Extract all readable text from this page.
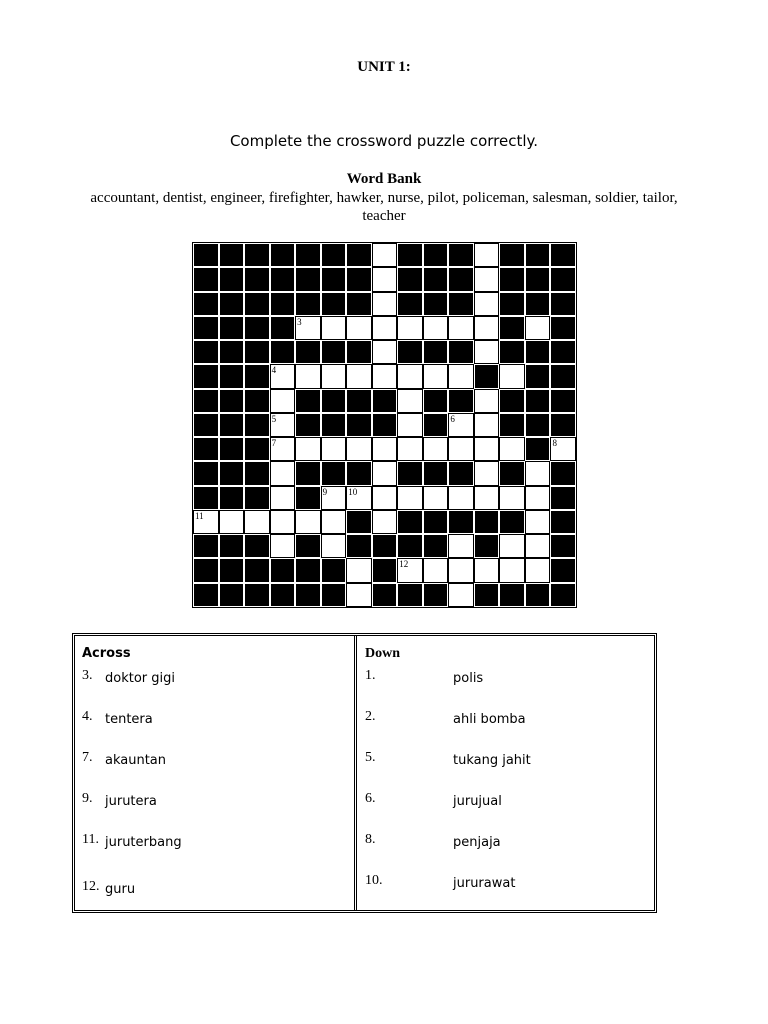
UNIT 1:
Complete the crossword puzzle correctly.
Word Bank
accountant, dentist, engineer, firefighter, hawker, nurse, pilot, policeman, salesman, soldier, tailor, teacher
1	2
3
4
5	6
7	8
9 10
11
12
Across
3. doktor gigi
4. tentera
7. akauntan
9. jurutera
11. juruterbang
12. guru
Down
1.	polis
2.	ahli bomba
5.	tukang jahit
6.	jurujual
8.	penjaja
10.	jururawat
